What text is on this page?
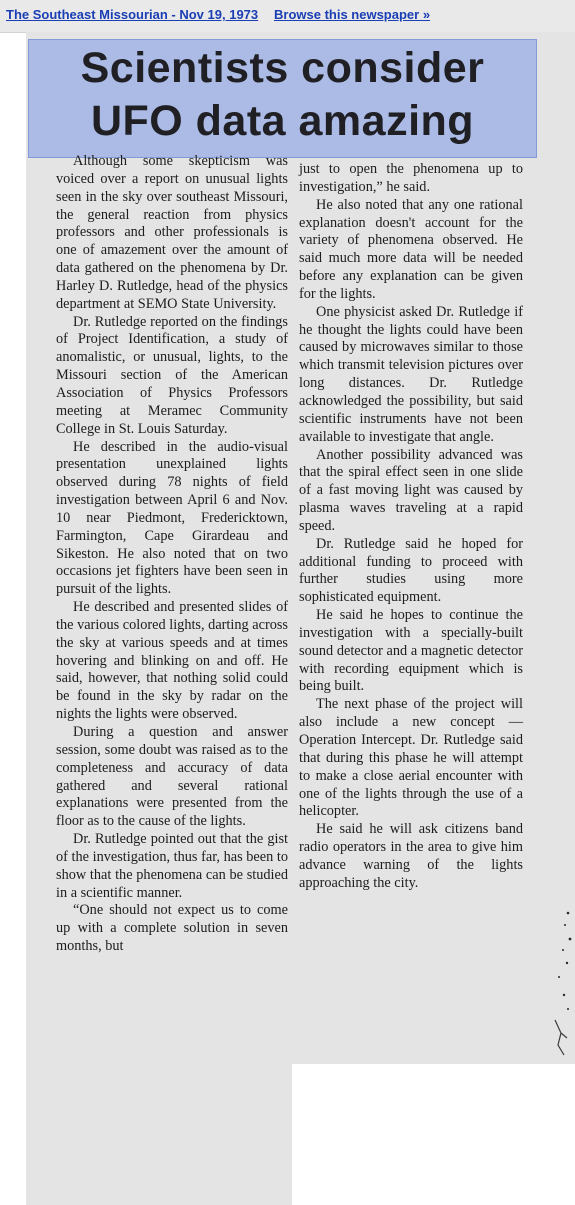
The Southeast Missourian - Nov 19, 1973 Browse this newspaper »
Scientists consider
UFO data amazing

Although some skepticism was voiced over a report on unusual lights seen in the sky over southeast Missouri, the general reaction from physics professors and other professionals is one of amazement over the amount of data gathered on the phenomena by Dr. Harley D. Rutledge, head of the physics department at SEMO State University.

Dr. Rutledge reported on the findings of Project Identification, a study of anomalistic, or unusual, lights, to the Missouri section of the American Association of Physics Professors meeting at Meramec Community College in St. Louis Saturday.

He described in the audio-visual presentation unexplained lights observed during 78 nights of field investigation between April 6 and Nov. 10 near Piedmont, Fredericktown, Farmington, Cape Girardeau and Sikeston. He also noted that on two occasions jet fighters have been seen in pursuit of the lights.

He described and presented slides of the various colored lights, darting across the sky at various speeds and at times hovering and blinking on and off. He said, however, that nothing solid could be found in the sky by radar on the nights the lights were observed.

During a question and answer session, some doubt was raised as to the completeness and accuracy of data gathered and several rational explanations were presented from the floor as to the cause of the lights.

Dr. Rutledge pointed out that the gist of the investigation, thus far, has been to show that the phenomena can be studied in a scientific manner.

“One should not expect us to come up with a complete solution in seven months, but

just to open the phenomena up to investigation,” he said.

He also noted that any one rational explanation doesn't account for the variety of phenomena observed. He said much more data will be needed before any explanation can be given for the lights.

One physicist asked Dr. Rutledge if he thought the lights could have been caused by microwaves similar to those which transmit television pictures over long distances. Dr. Rutledge acknowledged the possibility, but said scientific instruments have not been available to investigate that angle.

Another possibility advanced was that the spiral effect seen in one slide of a fast moving light was caused by plasma waves traveling at a rapid speed.

Dr. Rutledge said he hoped for additional funding to proceed with further studies using more sophisticated equipment.

He said he hopes to continue the investigation with a specially-built sound detector and a magnetic detector with recording equipment which is being built.

The next phase of the project will also include a new concept — Operation Intercept. Dr. Rutledge said that during this phase he will attempt to make a close aerial encounter with one of the lights through the use of a helicopter.

He said he will ask citizens band radio operators in the area to give him advance warning of the lights approaching the city.
